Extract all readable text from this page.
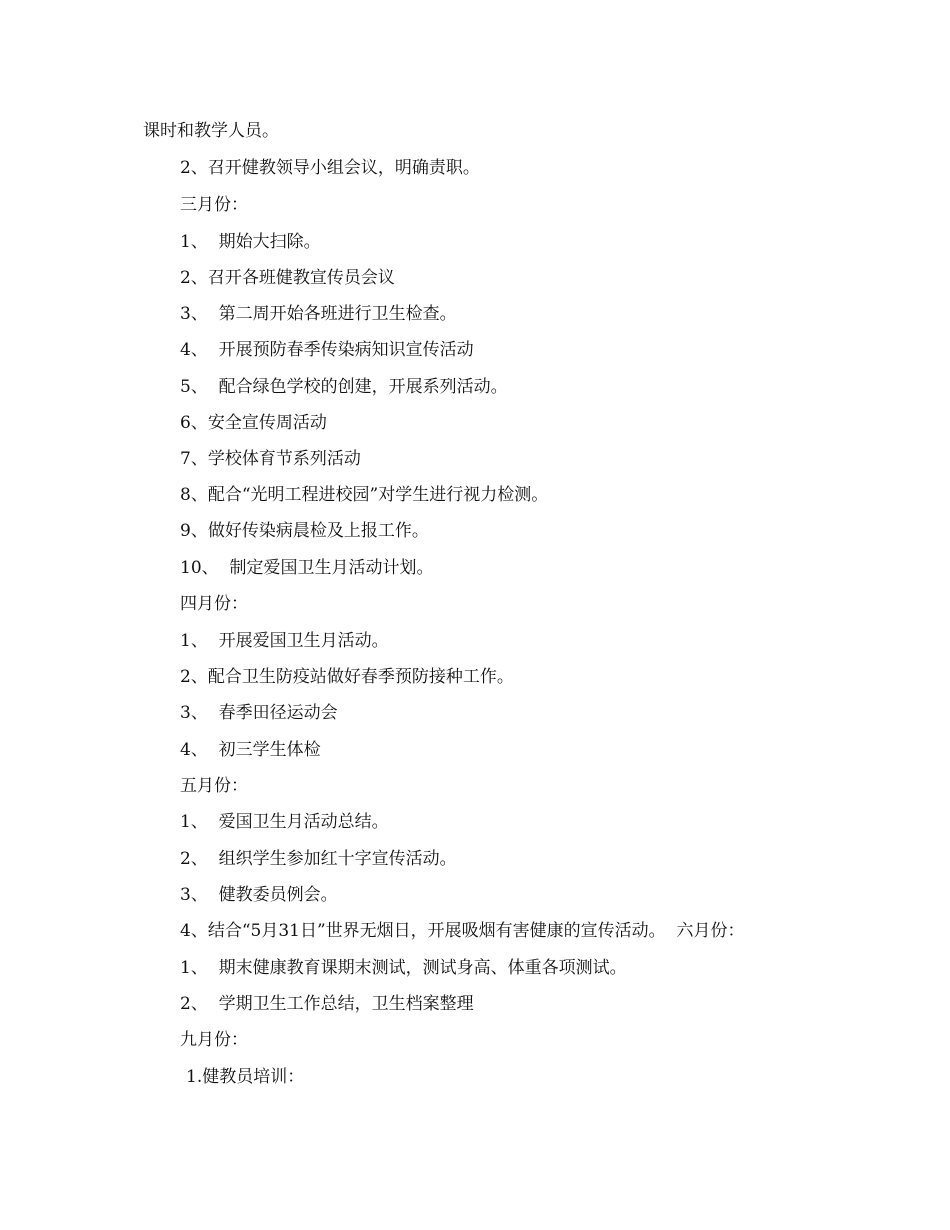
课时和教学人员。
2、召开健教领导小组会议，明确责职。
三月份：
1、  期始大扫除。
2、召开各班健教宣传员会议
3、  第二周开始各班进行卫生检查。
4、  开展预防春季传染病知识宣传活动
5、  配合绿色学校的创建，开展系列活动。
6、安全宣传周活动
7、学校体育节系列活动
8、配合“光明工程进校园”对学生进行视力检测。
9、做好传染病晨检及上报工作。
10、  制定爱国卫生月活动计划。
四月份：
1、  开展爱国卫生月活动。
2、配合卫生防疫站做好春季预防接种工作。
3、  春季田径运动会
4、  初三学生体检
五月份：
1、  爱国卫生月活动总结。
2、  组织学生参加红十字宣传活动。
3、  健教委员例会。
4、结合“5月31日”世界无烟日，开展吸烟有害健康的宣传活动。  六月份：
1、  期末健康教育课期末测试，测试身高、体重各项测试。
2、  学期卫生工作总结，卫生档案整理
九月份：
1.健教员培训：
